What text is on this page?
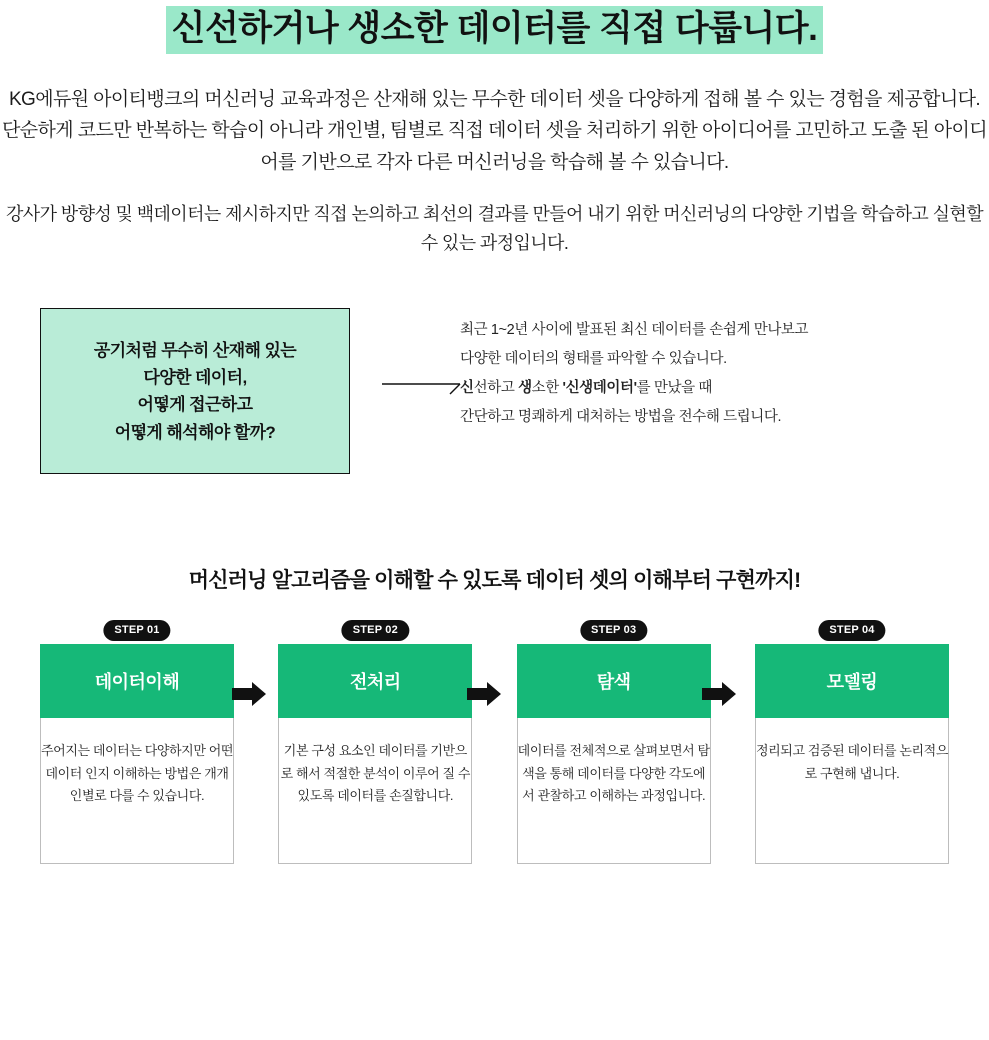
신선하거나 생소한 데이터를 직접 다룹니다.
KG에듀원 아이티뱅크의 머신러닝 교육과정은 산재해 있는 무수한 데이터 셋을 다양하게 접해 볼 수 있는 경험을 제공합니다. 단순하게 코드만 반복하는 학습이 아니라 개인별, 팀별로 직접 데이터 셋을 처리하기 위한 아이디어를 고민하고 도출 된 아이디어를 기반으로 각자 다른 머신러닝을 학습해 볼 수 있습니다.
강사가 방향성 및 백데이터는 제시하지만 직접 논의하고 최선의 결과를 만들어 내기 위한 머신러닝의 다양한 기법을 학습하고 실현할 수 있는 과정입니다.
공기처럼 무수히 산재해 있는
다양한 데이터,
어떻게 접근하고
어떻게 해석해야 할까?
최근 1~2년 사이에 발표된 최신 데이터를 손쉽게 만나보고
다양한 데이터의 형태를 파악할 수 있습니다.
신선하고 생소한 '신생데이터'를 만났을 때
간단하고 명쾌하게 대처하는 방법을 전수해 드립니다.
머신러닝 알고리즘을 이해할 수 있도록 데이터 셋의 이해부터 구현까지!
STEP 01
데이터이해
주어지는 데이터는 다양하지만 어떤 데이터 인지 이해하는 방법은 개개인별로 다를 수 있습니다.
STEP 02
전처리
기본 구성 요소인 데이터를 기반으로 해서 적절한 분석이 이루어 질 수 있도록 데이터를 손질합니다.
STEP 03
탐색
데이터를 전체적으로 살펴보면서 탐색을 통해 데이터를 다양한 각도에서 관찰하고 이해하는 과정입니다.
STEP 04
모델링
정리되고 검증된 데이터를 논리적으로 구현해 냅니다.
